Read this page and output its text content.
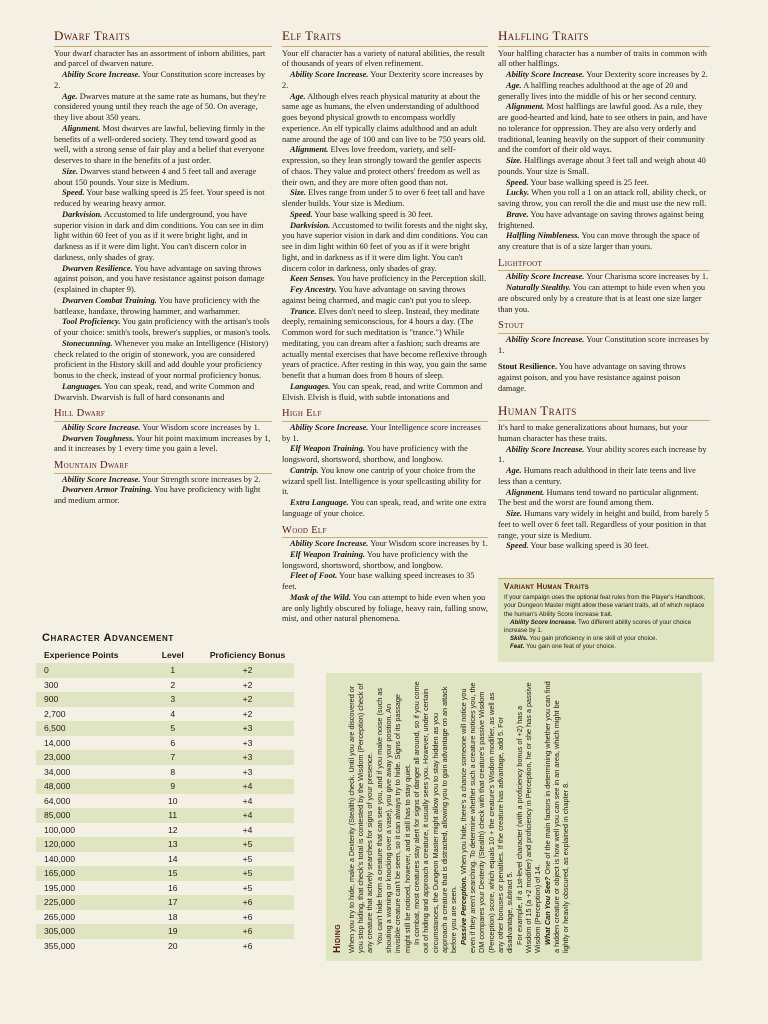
Dwarf Traits

Your dwarf character has an assortment of inborn abilities, part and parcel of dwarven nature.

Ability Score Increase. Your Constitution score increases by 2.

Age. Dwarves mature at the same rate as humans, but they're considered young until they reach the age of 50. On average, they live about 350 years.

Alignment. Most dwarves are lawful, believing firmly in the benefits of a well-ordered society. They tend toward good as well, with a strong sense of fair play and a belief that everyone deserves to share in the benefits of a just order.

Size. Dwarves stand between 4 and 5 feet tall and average about 150 pounds. Your size is Medium.

Speed. Your base walking speed is 25 feet. Your speed is not reduced by wearing heavy armor.

Darkvision. Accustomed to life underground, you have superior vision in dark and dim conditions. You can see in dim light within 60 feet of you as if it were bright light, and in darkness as if it were dim light. You can't discern color in darkness, only shades of gray.

Dwarven Resilience. You have advantage on saving throws against poison, and you have resistance against poison damage (explained in chapter 9).

Dwarven Combat Training. You have proficiency with the battleaxe, handaxe, throwing hammer, and warhammer.

Tool Proficiency. You gain proficiency with the artisan's tools of your choice: smith's tools, brewer's supplies, or mason's tools.

Stonecunning. Whenever you make an Intelligence (History) check related to the origin of stonework, you are considered proficient in the History skill and add double your proficiency bonus to the check, instead of your normal proficiency bonus.

Languages. You can speak, read, and write Common and Dwarvish. Dwarvish is full of hard consonants and

Hill Dwarf

Ability Score Increase. Your Wisdom score increases by 1.

Dwarven Toughness. Your hit point maximum increases by 1, and it increases by 1 every time you gain a level.

Mountain Dwarf

Ability Score Increase. Your Strength score increases by 2.

Dwarven Armor Training. You have proficiency with light and medium armor.

Elf Traits

Your elf character has a variety of natural abilities, the result of thousands of years of elven refinement.

Ability Score Increase. Your Dexterity score increases by 2.

Age. Although elves reach physical maturity at about the same age as humans, the elven understanding of adulthood goes beyond physical growth to encompass worldly experience. An elf typically claims adulthood and an adult name around the age of 100 and can live to be 750 years old.

Alignment. Elves love freedom, variety, and self-expression, so they lean strongly toward the gentler aspects of chaos. They value and protect others' freedom as well as their own, and they are more often good than not.

Size. Elves range from under 5 to over 6 feet tall and have slender builds. Your size is Medium.

Speed. Your base walking speed is 30 feet.

Darkvision. Accustomed to twilit forests and the night sky, you have superior vision in dark and dim conditions. You can see in dim light within 60 feet of you as if it were bright light, and in darkness as if it were dim light. You can't discern color in darkness, only shades of gray.

Keen Senses. You have proficiency in the Perception skill.

Fey Ancestry. You have advantage on saving throws against being charmed, and magic can't put you to sleep.

Trance. Elves don't need to sleep. Instead, they meditate deeply, remaining semiconscious, for 4 hours a day. (The Common word for such meditation is "trance.") While meditating, you can dream after a fashion; such dreams are actually mental exercises that have become reflexive through years of practice. After resting in this way, you gain the same benefit that a human does from 8 hours of sleep.

Languages. You can speak, read, and write Common and Elvish. Elvish is fluid, with subtle intonations and

High Elf

Ability Score Increase. Your Intelligence score increases by 1.

Elf Weapon Training. You have proficiency with the longsword, shortsword, shortbow, and longbow.

Cantrip. You know one cantrip of your choice from the wizard spell list. Intelligence is your spellcasting ability for it.

Extra Language. You can speak, read, and write one extra language of your choice.

Wood Elf

Ability Score Increase. Your Wisdom score increases by 1.

Elf Weapon Training. You have proficiency with the longsword, shortsword, shortbow, and longbow.

Fleet of Foot. Your base walking speed increases to 35 feet.

Mask of the Wild. You can attempt to hide even when you are only lightly obscured by foliage, heavy rain, falling snow, mist, and other natural phenomena.

Halfling Traits

Your halfling character has a number of traits in common with all other halflings.

Ability Score Increase. Your Dexterity score increases by 2.

Age. A halfling reaches adulthood at the age of 20 and generally lives into the middle of his or her second century.

Alignment. Most halflings are lawful good. As a rule, they are good-hearted and kind, hate to see others in pain, and have no tolerance for oppression. They are also very orderly and traditional, leaning heavily on the support of their community and the comfort of their old ways.

Size. Halflings average about 3 feet tall and weigh about 40 pounds. Your size is Small.

Speed. Your base walking speed is 25 feet.

Lucky. When you roll a 1 on an attack roll, ability check, or saving throw, you can reroll the die and must use the new roll.

Brave. You have advantage on saving throws against being frightened.

Halfling Nimbleness. You can move through the space of any creature that is of a size larger than yours.

Lightfoot

Ability Score Increase. Your Charisma score increases by 1.

Naturally Stealthy. You can attempt to hide even when you are obscured only by a creature that is at least one size larger than you.

Stout

Ability Score Increase. Your Constitution score increases by 1.

Stout Resilience. You have advantage on saving throws against poison, and you have resistance against poison damage.

Human Traits

It's hard to make generalizations about humans, but your human character has these traits.

Ability Score Increase. Your ability scores each increase by 1.

Age. Humans reach adulthood in their late teens and live less than a century.

Alignment. Humans tend toward no particular alignment. The best and the worst are found among them.

Size. Humans vary widely in height and build, from barely 5 feet to well over 6 feet tall. Regardless of your position in that range, your size is Medium.

Speed. Your base walking speed is 30 feet.

Variant Human Traits

If your campaign uses the optional feat rules from the Player's Handbook, your Dungeon Master might allow these variant traits, all of which replace the human's Ability Score Increase trait.

Ability Score Increase. Two different ability scores of your choice increase by 1.

Skills. You gain proficiency in one skill of your choice.

Feat. You gain one feat of your choice.

Character Advancement
Experience Points	Level	Proficiency Bonus
0	1	+2
300	2	+2
900	3	+2
2,700	4	+2
6,500	5	+3
14,000	6	+3
23,000	7	+3
34,000	8	+3
48,000	9	+4
64,000	10	+4
85,000	11	+4
100,000	12	+4
120,000	13	+5
140,000	14	+5
165,000	15	+5
195,000	16	+5
225,000	17	+6
265,000	18	+6
305,000	19	+6
355,000	20	+6	Hiding When you try to hide, make a Dexterity (Stealth) check. Until you are discovered or you stop hiding, that check's total is contested by the Wisdom (Perception) check of any creature that actively searches for signs of your presence. You can't hide from a creature that can see you, and if you make noise (such as shouting a warning or knocking over a vase), you give away your position. An invisible creature can't be seen, so it can always try to hide. Signs of its passage might still be noticed, however, and it still has to stay quiet. In combat, most creatures stay alert for signs of danger all around, so if you come out of hiding and approach a creature, it usually sees you. However, under certain circumstances, the Dungeon Master might allow you to stay hidden as you approach a creature that is distracted, allowing you to gain advantage on an attack before you are seen. Passive Perception. When you hide, there's a chance someone will notice you even if they aren't searching. To determine whether such a creature notices you, the DM compares your Dexterity (Stealth) check with that creature's passive Wisdom (Perception) score, which equals 10 + the creature's Wisdom modifier, as well as any other bonuses or penalties. If the creature has advantage, add 5. For disadvantage, subtract 5. For example, if a 1st-level character (with a proficiency bonus of +2) has a Wisdom of 15 (a +2 modifier) and proficiency in Perception, he or she has a passive Wisdom (Perception) of 14. What Can You See? One of the main factors in determining whether you can find a hidden creature or object is how well you can see in an area, which might be lightly or heavily obscured, as explained in chapter 8.
